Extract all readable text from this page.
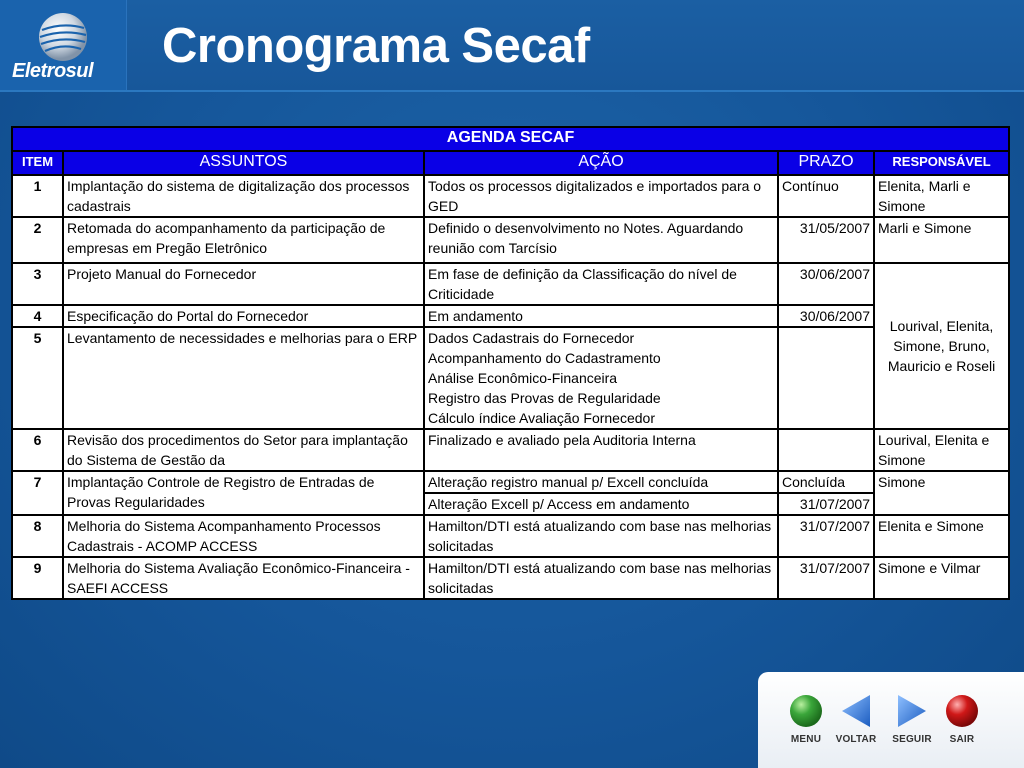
Eletrosul	Cronograma Secaf
AGENDA SECAF				
ITEM	ASSUNTOS	AÇÃO	PRAZO	RESPONSÁVEL
1	Implantação do sistema de digitalização dos processos cadastrais	Todos os processos digitalizados e importados para o GED	Contínuo	Elenita, Marli e Simone
2	Retomada do acompanhamento da participação de empresas em Pregão Eletrônico	Definido o desenvolvimento no Notes. Aguardando reunião com Tarcísio	31/05/2007	Marli e Simone
3	Projeto Manual do Fornecedor	Em fase de definição da Classificação do nível de Criticidade	30/06/2007	Lourival, Elenita, Simone, Bruno, Mauricio e Roseli
4	Especificação do Portal do Fornecedor	Em andamento	30/06/2007	
5	Levantamento de necessidades e melhorias para o ERP	Dados Cadastrais do Fornecedor
Acompanhamento do Cadastramento
Análise Econômico-Financeira
Registro das Provas de Regularidade
Cálculo índice Avaliação Fornecedor		

6	Revisão dos procedimentos do Setor para implantação do Sistema de Gestão da	Finalizado e avaliado pela Auditoria Interna		Lourival, Elenita e Simone
7	Implantação Controle de Registro de Entradas de Provas Regularidades	Alteração registro manual p/ Excell concluída	Concluída	Simone
		Alteração Excell p/ Access em andamento	31/07/2007	
8	Melhoria do Sistema Acompanhamento Processos Cadastrais - ACOMP ACCESS	Hamilton/DTI está atualizando com base nas melhorias solicitadas	31/07/2007	Elenita e Simone
9	Melhoria do Sistema Avaliação Econômico-Financeira - SAEFI ACCESS	Hamilton/DTI está atualizando com base nas melhorias solicitadas	31/07/2007	Simone e Vilmar
MENU	VOLTAR	SEGUIR	SAIR
